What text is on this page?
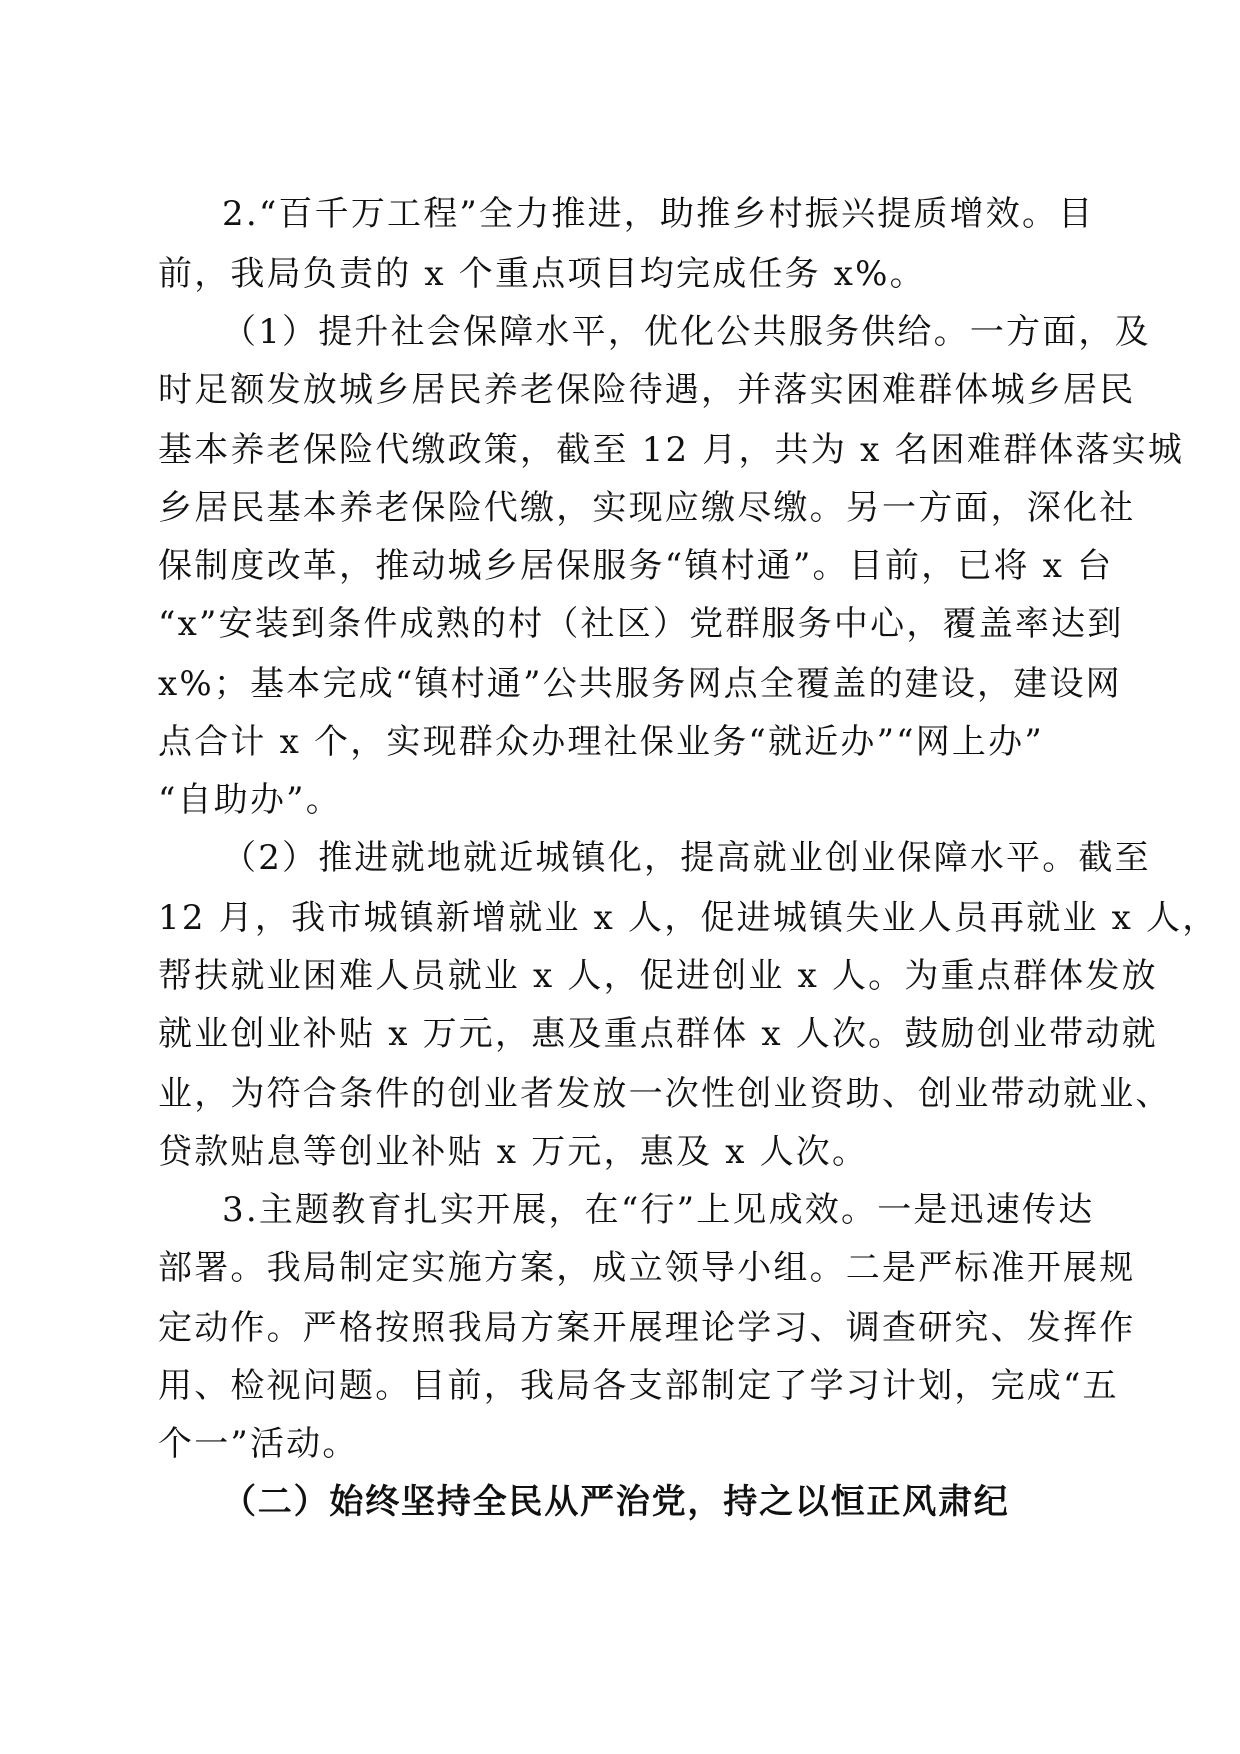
2.“百千万工程”全力推进，助推乡村振兴提质增效。目
前，我局负责的 x 个重点项目均完成任务 x%。
（1）提升社会保障水平，优化公共服务供给。一方面，及
时足额发放城乡居民养老保险待遇，并落实困难群体城乡居民
基本养老保险代缴政策，截至 12 月，共为 x 名困难群体落实城
乡居民基本养老保险代缴，实现应缴尽缴。另一方面，深化社
保制度改革，推动城乡居保服务“镇村通”。目前，已将 x 台
“x”安装到条件成熟的村（社区）党群服务中心，覆盖率达到
x%；基本完成“镇村通”公共服务网点全覆盖的建设，建设网
点合计 x 个，实现群众办理社保业务“就近办”“网上办”
“自助办”。
（2）推进就地就近城镇化，提高就业创业保障水平。截至
12 月，我市城镇新增就业 x 人，促进城镇失业人员再就业 x 人，
帮扶就业困难人员就业 x 人，促进创业 x 人。为重点群体发放
就业创业补贴 x 万元，惠及重点群体 x 人次。鼓励创业带动就
业，为符合条件的创业者发放一次性创业资助、创业带动就业、
贷款贴息等创业补贴 x 万元，惠及 x 人次。
3.主题教育扎实开展，在“行”上见成效。一是迅速传达
部署。我局制定实施方案，成立领导小组。二是严标准开展规
定动作。严格按照我局方案开展理论学习、调查研究、发挥作
用、检视问题。目前，我局各支部制定了学习计划，完成“五
个一”活动。
（二）始终坚持全民从严治党，持之以恒正风肃纪
